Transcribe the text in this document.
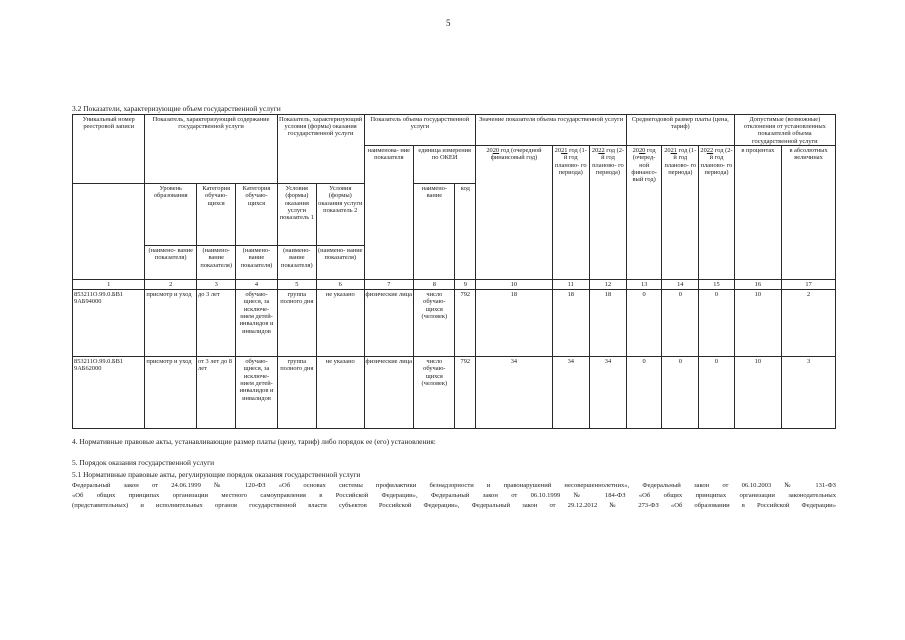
5
3.2 Показатели, характеризующие объем государственной услуги
Уникальный номер реестровой записи	Показатель, характеризующий содержание государственной услуги			Показатель, характеризующий условия (формы) оказания государственной услуги		Показатель объема государственной услуги			Значение показателя объема государственной услуги			Среднегодовой размер платы (цена, тариф)			Допустимые (возможные) отклонения от установленных показателей объема государственной услуги	
						наименова- ние показателя	единица измерения по ОКЕИ		2020 год (очередной финансовый год)	2021 год (1-й год планово- го периода)	2022 год (2-й год планово- го периода)	2020 год (очеред- ной финансо- вый год)	2021 год (1-й год планово- го периода)	2022 год (2-й год планово- го периода)	в процентах	в абсолютных величинах
	Уровень образования	Категория обучаю- щихся	Категория обучаю- щихся	Условия (формы) оказания услуги показатель 1	Условия (формы) оказания услуги показатель 2		наимено- вание	код								

	(наимено- вание показателя)	(наимено- вание показателя)	(наимено- вание показателя)	(наимено- вание показателя)	(наимено- вание показателя)											
1	2	3	4	5	6	7	8	9	10	11	12	13	14	15	16	17
853211О.99.0.БВ1 9АБ94000	присмотр и уход	до 3 лет	обучаю- щиеся, за исключе- нием детей- инвалидов и инвалидов	группа полного дня	не указано	физические лица	число обучаю- щихся (человек)	792	18	18	18	0	0	0	10	2
853211О.99.0.БВ1 9АБ62000	присмотр и уход	от 3 лет до 8 лет	обучаю- щиеся, за исключе- нием детей- инвалидов и инвалидов	группа полного дня	не указано	физические лица	число обучаю- щихся (человек)	792	34	34	34	0	0	0	10	3
4. Нормативные правовые акты, устанавливающие размер платы (цену, тариф) либо порядок ее (его) установления:
5. Порядок оказания государственной услуги
5.1 Нормативные правовые акты, регулирующие порядок оказания государственной услуги
Федеральный закон от 24.06.1999 № 120-ФЗ «Об основах системы профилактики безнадзорности и правонарушений несовершеннолетних», Федеральный закон от 06.10.2003 № 131-ФЗ
«Об общих принципах организации местного самоуправления в Российской Федерации», Федеральный закон от 06.10.1999 № 184-ФЗ «Об общих принципах организации законодательных
(представительных) и исполнительных органов государственной власти субъектов Российской Федерации», Федеральный закон от 29.12.2012 № 273-ФЗ «Об образовании в Российской Федерации»
